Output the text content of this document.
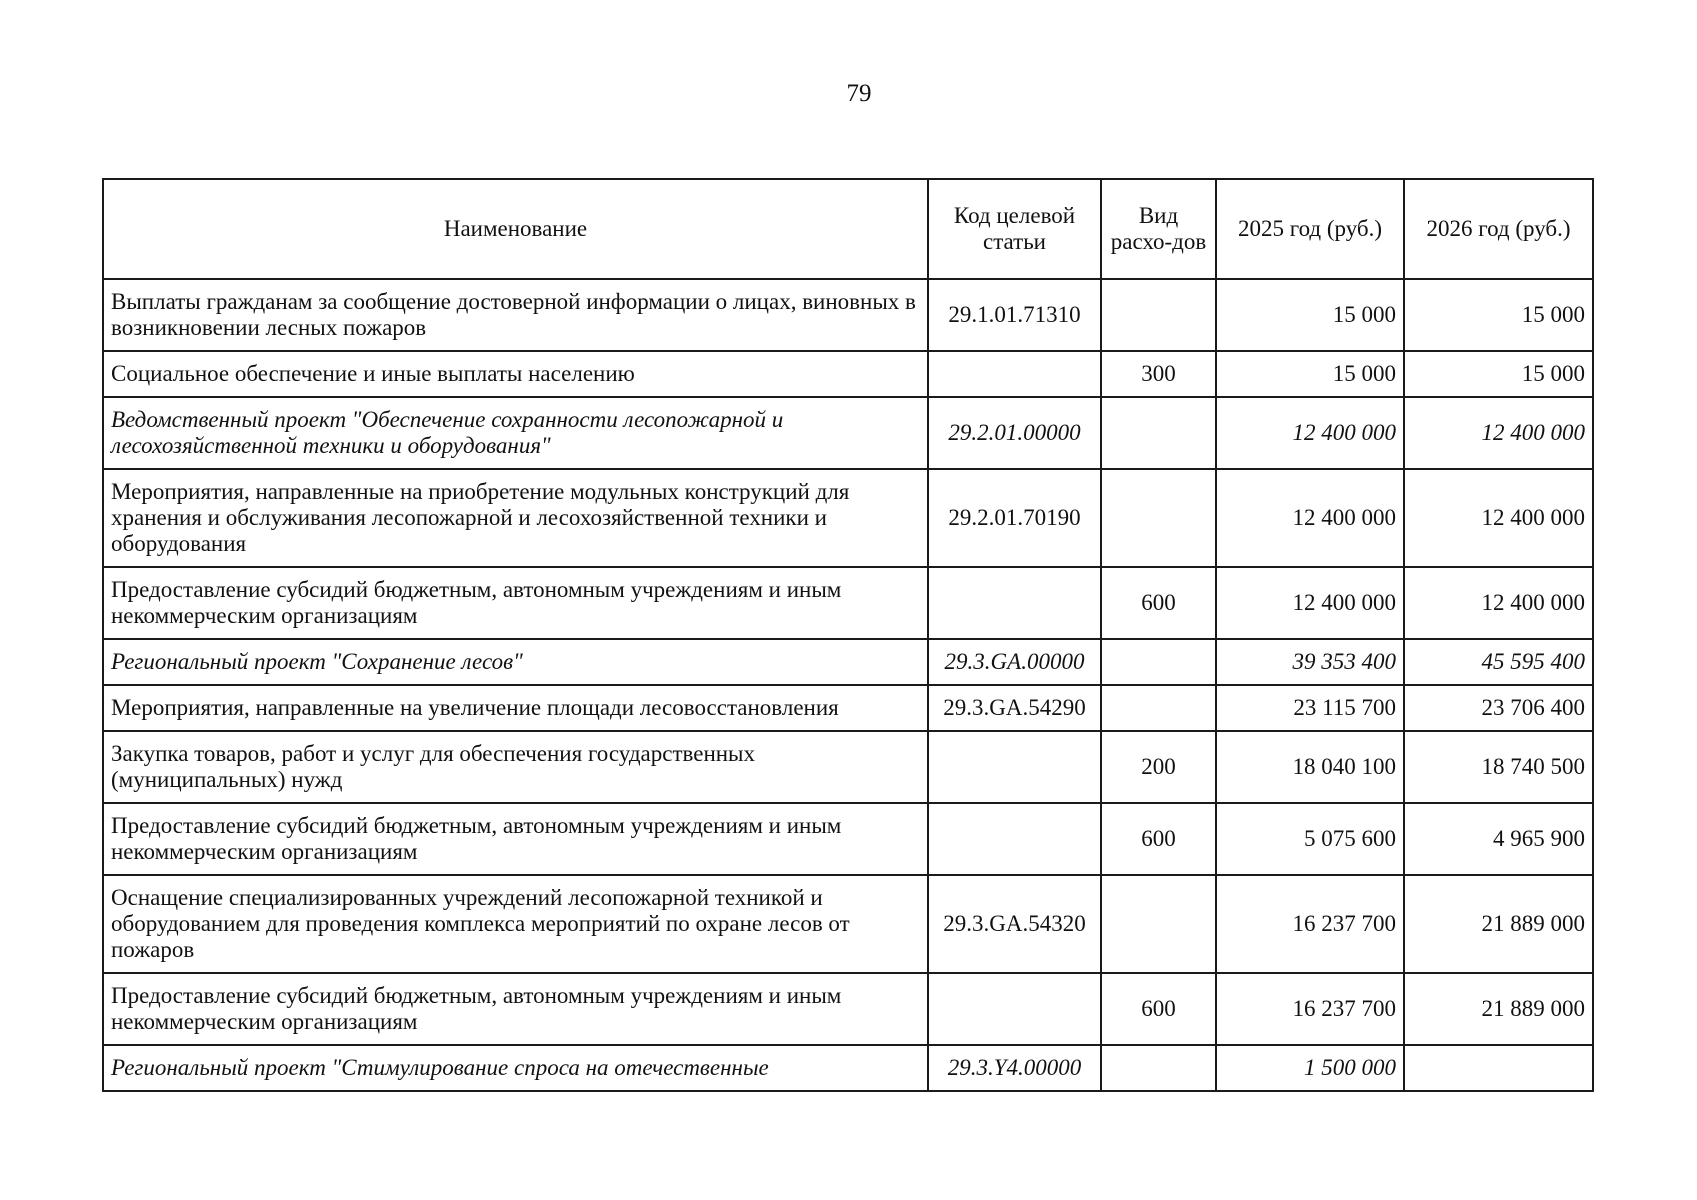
79
Наименование	Код целевой статьи	Вид расхо-дов	2025 год (руб.)	2026 год (руб.)
Выплаты гражданам за сообщение достоверной информации о лицах, виновных в возникновении лесных пожаров	29.1.01.71310		15 000	15 000
Социальное обеспечение и иные выплаты населению		300	15 000	15 000
Ведомственный проект "Обеспечение сохранности лесопожарной и лесохозяйственной техники и оборудования"	29.2.01.00000		12 400 000	12 400 000
Мероприятия, направленные на приобретение модульных конструкций для хранения и обслуживания лесопожарной и лесохозяйственной техники и оборудования	29.2.01.70190		12 400 000	12 400 000
Предоставление субсидий бюджетным, автономным учреждениям и иным некоммерческим организациям		600	12 400 000	12 400 000
Региональный проект "Сохранение лесов"	29.3.GA.00000		39 353 400	45 595 400
Мероприятия, направленные на увеличение площади лесовосстановления	29.3.GA.54290		23 115 700	23 706 400
Закупка товаров, работ и услуг для обеспечения государственных (муниципальных) нужд		200	18 040 100	18 740 500
Предоставление субсидий бюджетным, автономным учреждениям и иным некоммерческим организациям		600	5 075 600	4 965 900
Оснащение специализированных учреждений лесопожарной техникой и оборудованием для проведения комплекса мероприятий по охране лесов от пожаров	29.3.GA.54320		16 237 700	21 889 000
Предоставление субсидий бюджетным, автономным учреждениям и иным некоммерческим организациям		600	16 237 700	21 889 000
Региональный проект "Стимулирование спроса на отечественные	29.3.Y4.00000		1 500 000	
